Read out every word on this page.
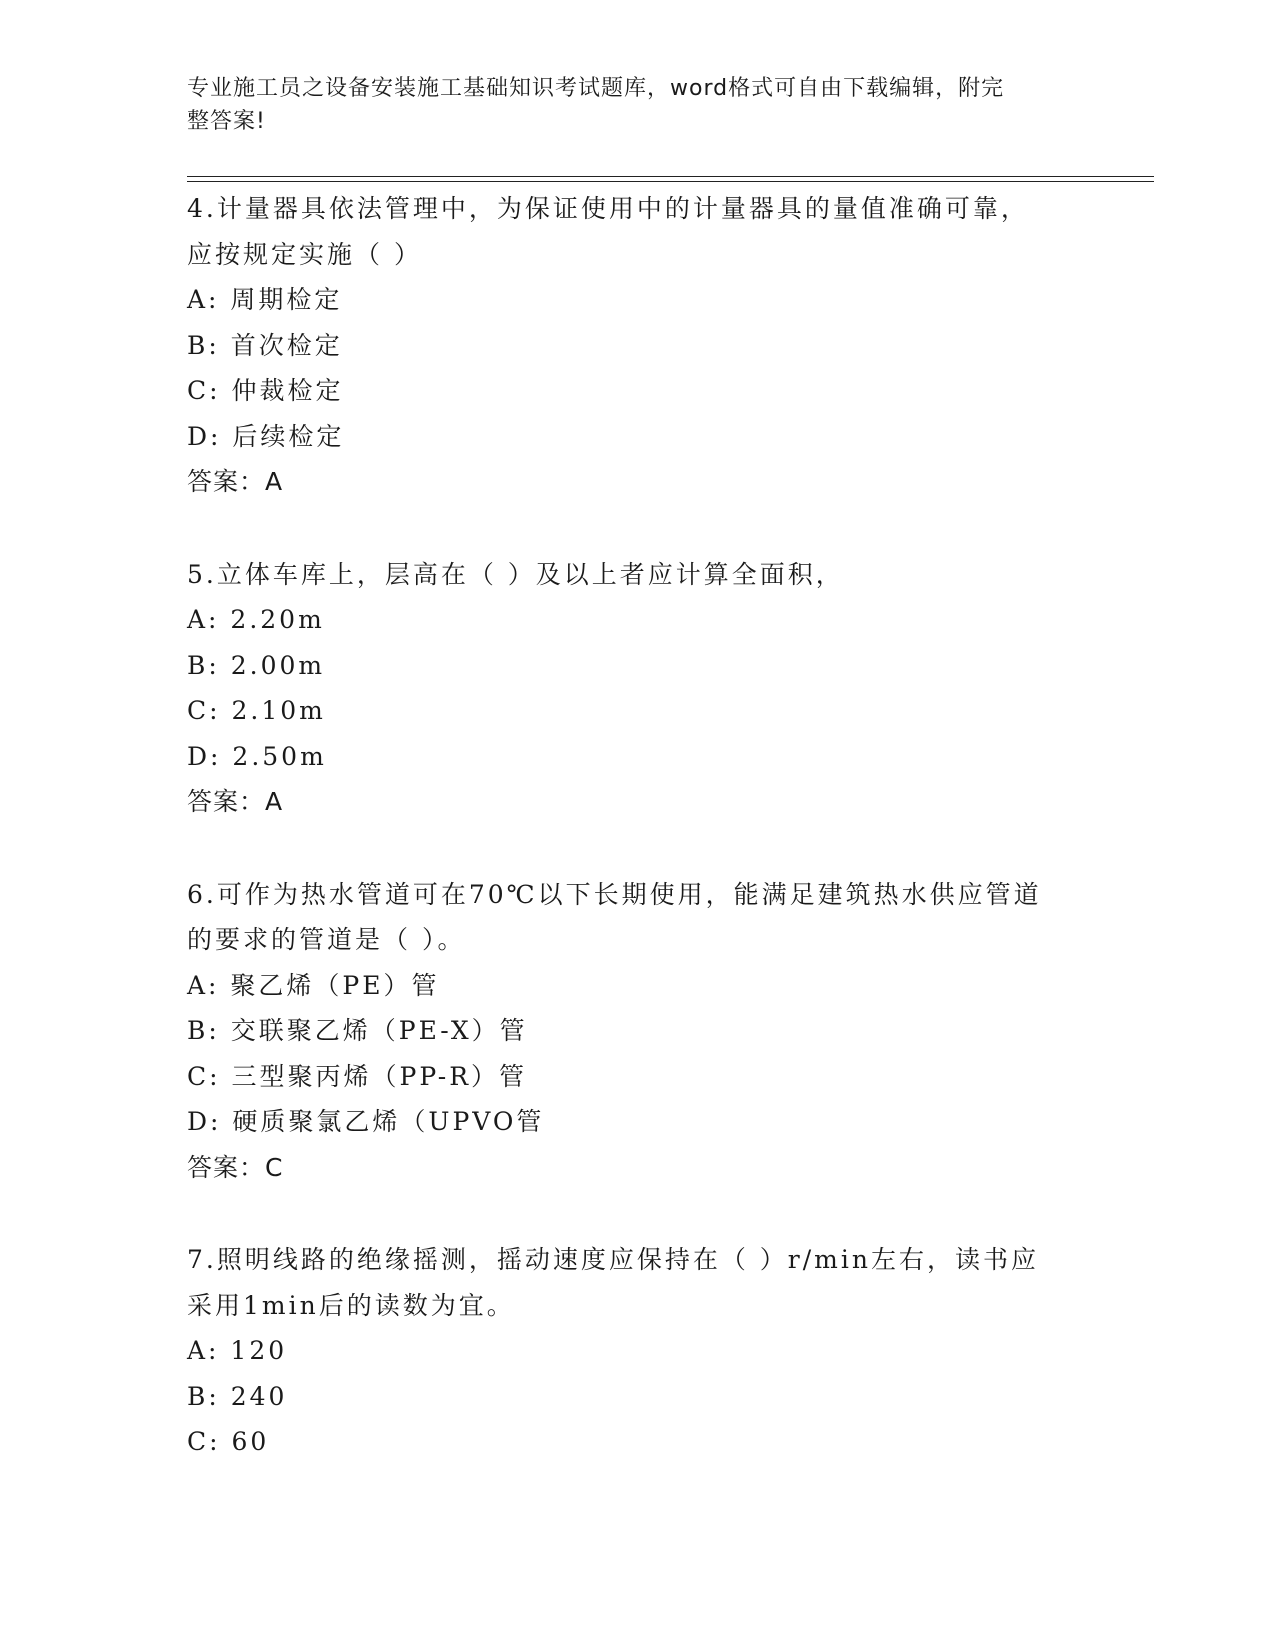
专业施工员之设备安装施工基础知识考试题库，word格式可自由下载编辑，附完
整答案!
4.计量器具依法管理中，为保证使用中的计量器具的量值准确可靠，
应按规定实施（ ）
A: 周期检定
B: 首次检定
C: 仲裁检定
D: 后续检定
答案：A
5.立体车库上，层高在（ ）及以上者应计算全面积，
A: 2.20m
B: 2.00m
C: 2.10m
D: 2.50m
答案：A
6.可作为热水管道可在70℃以下长期使用，能满足建筑热水供应管道
的要求的管道是（ ）。
A: 聚乙烯（PE）管
B: 交联聚乙烯（PE-X）管
C: 三型聚丙烯（PP-R）管
D: 硬质聚氯乙烯（UPVO管
答案：C
7.照明线路的绝缘摇测，摇动速度应保持在（ ）r/min左右，读书应
采用1min后的读数为宜。
A: 120
B: 240
C: 60
